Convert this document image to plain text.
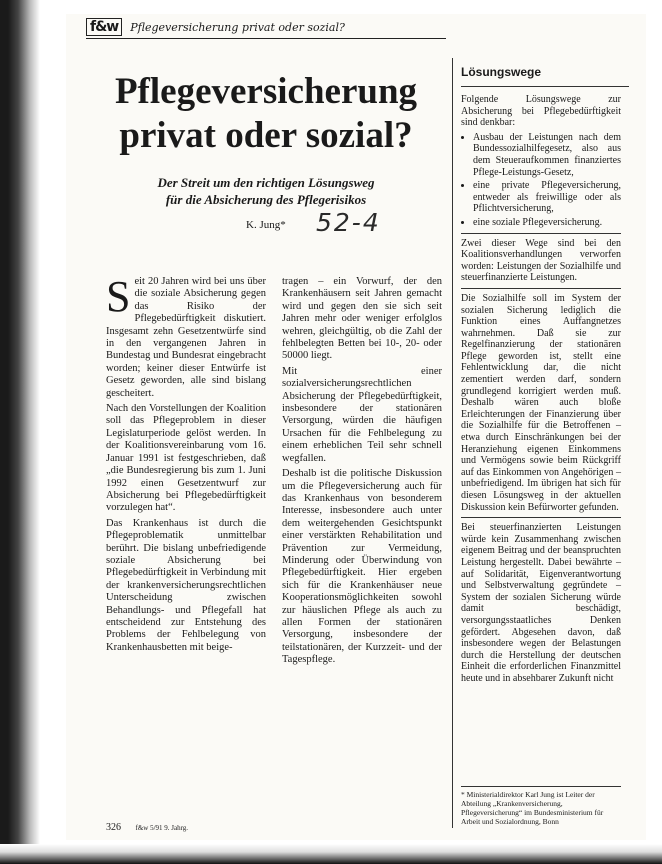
f&w	Pflegeversicherung privat oder sozial?
Pflegeversicherung
privat oder sozial?

Der Streit um den richtigen Lösungsweg
für die Absicherung des Pflegerisikos

K. Jung* 52-4

Seit 20 Jahren wird bei uns über die soziale Absicherung gegen das Risiko der Pflegebedürftigkeit diskutiert. Insgesamt zehn Gesetzentwürfe sind in den vergangenen Jahren in Bundestag und Bundesrat eingebracht worden; keiner dieser Entwürfe ist Gesetz geworden, alle sind bislang gescheitert.

Nach den Vorstellungen der Koalition soll das Pflegeproblem in dieser Legislaturperiode gelöst werden. In der Koalitionsvereinbarung vom 16. Januar 1991 ist festgeschrieben, daß „die Bundesregierung bis zum 1. Juni 1992 einen Gesetzentwurf zur Absicherung bei Pflegebedürftigkeit vorzulegen hat“.

Das Krankenhaus ist durch die Pflegeproblematik unmittelbar berührt. Die bislang unbefriedigende soziale Absicherung bei Pflegebedürftigkeit in Verbindung mit der krankenversicherungsrechtlichen Unterscheidung zwischen Behandlungs- und Pflegefall hat entscheidend zur Entstehung des Problems der Fehlbelegung von Krankenhausbetten mit beige-

tragen – ein Vorwurf, der den Krankenhäusern seit Jahren gemacht wird und gegen den sie sich seit Jahren mehr oder weniger erfolglos wehren, gleichgültig, ob die Zahl der fehlbelegten Betten bei 10-, 20- oder 50000 liegt.

Mit einer sozialversicherungsrechtlichen Absicherung der Pflegebedürftigkeit, insbesondere der stationären Versorgung, würden die häufigen Ursachen für die Fehlbelegung zu einem erheblichen Teil sehr schnell wegfallen.

Deshalb ist die politische Diskussion um die Pflegeversicherung auch für das Krankenhaus von besonderem Interesse, insbesondere auch unter dem weitergehenden Gesichtspunkt einer verstärkten Rehabilitation und Prävention zur Vermeidung, Minderung oder Überwindung von Pflegebedürftigkeit. Hier ergeben sich für die Krankenhäuser neue Kooperationsmöglichkeiten sowohl zur häuslichen Pflege als auch zu allen Formen der stationären Versorgung, insbesondere der teilstationären, der Kurzzeit- und der Tagespflege.

Lösungswege

Folgende Lösungswege zur Absicherung bei Pflegebedürftigkeit sind denkbar:

• Ausbau der Leistungen nach dem Bundessozialhilfegesetz, also aus dem Steueraufkommen finanziertes Pflege-Leistungs-Gesetz,
• eine private Pflegeversicherung, entweder als freiwillige oder als Pflichtversicherung,
• eine soziale Pflegeversicherung.

Zwei dieser Wege sind bei den Koalitionsverhandlungen verworfen worden: Leistungen der Sozialhilfe und steuerfinanzierte Leistungen.

Die Sozialhilfe soll im System der sozialen Sicherung lediglich die Funktion eines Auffangnetzes wahrnehmen. Daß sie zur Regelfinanzierung der stationären Pflege geworden ist, stellt eine Fehlentwicklung dar, die nicht zementiert werden darf, sondern grundlegend korrigiert werden muß. Deshalb wären auch bloße Erleichterungen der Finanzierung über die Sozialhilfe für die Betroffenen – etwa durch Einschränkungen bei der Heranziehung eigenen Einkommens und Vermögens sowie beim Rückgriff auf das Einkommen von Angehörigen – unbefriedigend. Im übrigen hat sich für diesen Lösungsweg in der aktuellen Diskussion kein Befürworter gefunden.

Bei steuerfinanzierten Leistungen würde kein Zusammenhang zwischen eigenem Beitrag und der beanspruchten Leistung hergestellt. Dabei bewährte – auf Solidarität, Eigenverantwortung und Selbstverwaltung gegründete – System der sozialen Sicherung würde damit beschädigt, versorgungsstaatliches Denken gefördert. Abgesehen davon, daß insbesondere wegen der Belastungen durch die Herstellung der deutschen Einheit die erforderlichen Finanzmittel heute und in absehbarer Zukunft nicht

* Ministerialdirektor Karl Jung ist Leiter der Abteilung „Krankenversicherung, Pflegeversicherung“ im Bundesministerium für Arbeit und Sozialordnung, Bonn
326 f&w 5/91 9. Jahrg.
